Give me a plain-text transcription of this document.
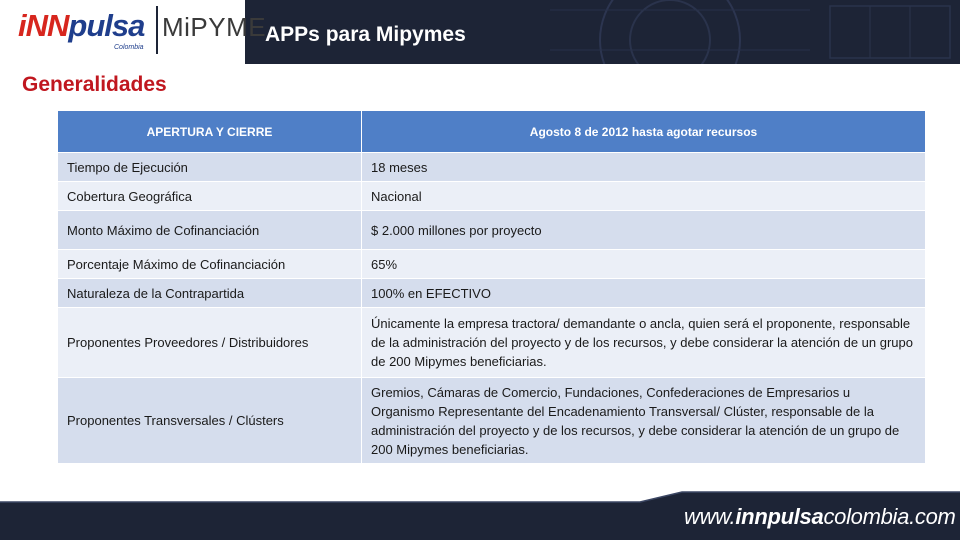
iNNpulsa
Colombia
MiPYME
APPs para Mipymes
Generalidades
APERTURA Y CIERRE	Agosto 8 de 2012 hasta agotar recursos
Tiempo de Ejecución	18 meses
Cobertura Geográfica	Nacional
Monto Máximo de Cofinanciación	$ 2.000 millones por proyecto
Porcentaje Máximo de Cofinanciación	65%
Naturaleza de la Contrapartida	100% en EFECTIVO
Proponentes Proveedores / Distribuidores	Únicamente la empresa tractora/ demandante o ancla, quien será el proponente, responsable de la administración del proyecto y de los recursos, y debe considerar la atención de un grupo de 200 Mipymes beneficiarias.
Proponentes Transversales / Clústers	Gremios, Cámaras de Comercio, Fundaciones, Confederaciones de Empresarios u Organismo Representante del Encadenamiento Transversal/ Clúster, responsable de la administración del proyecto y de los recursos, y debe considerar la atención de un grupo de 200 Mipymes beneficiarias.
www.innpulsacolombia.com
